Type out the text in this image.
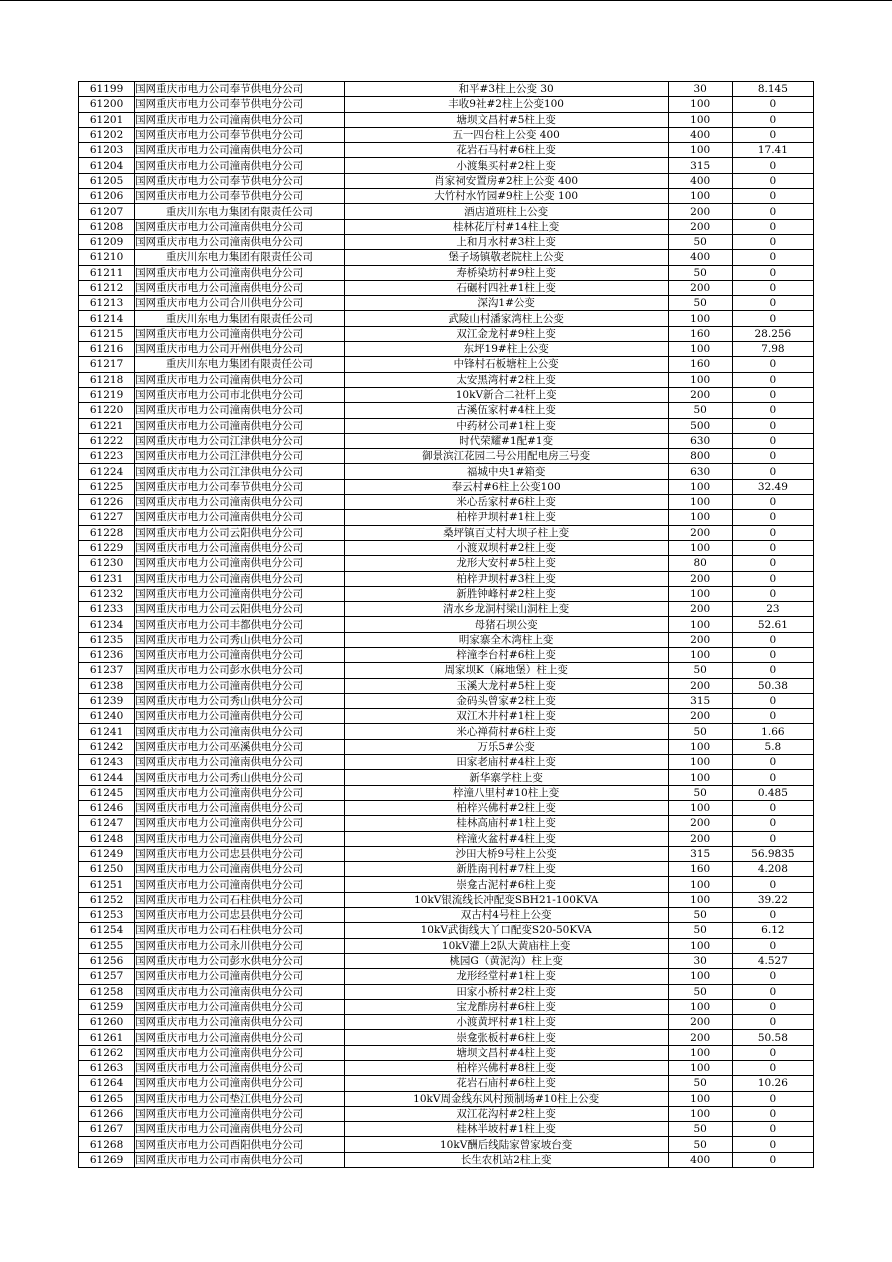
61199	国网重庆市电力公司奉节供电分公司	和平#3柱上公变 30	30	8.145
61200	国网重庆市电力公司奉节供电分公司	丰收9社#2柱上公变100	100	0
61201	国网重庆市电力公司潼南供电分公司	塘坝文昌村#5柱上变	100	0
61202	国网重庆市电力公司奉节供电分公司	五一四台柱上公变 400	400	0
61203	国网重庆市电力公司潼南供电分公司	花岩石马村#6柱上变	100	17.41
61204	国网重庆市电力公司潼南供电分公司	小渡集买村#2柱上变	315	0
61205	国网重庆市电力公司奉节供电分公司	肖家祠安置房#2柱上公变 400	400	0
61206	国网重庆市电力公司奉节供电分公司	大竹村水竹园#9柱上公变 100	100	0
61207	重庆川东电力集团有限责任公司	酒店道班柱上公变	200	0
61208	国网重庆市电力公司潼南供电分公司	桂林花厅村#14柱上变	200	0
61209	国网重庆市电力公司潼南供电分公司	上和月水村#3柱上变	50	0
61210	重庆川东电力集团有限责任公司	堡子场镇敬老院柱上公变	400	0
61211	国网重庆市电力公司潼南供电分公司	寿桥染坊村#9柱上变	50	0
61212	国网重庆市电力公司潼南供电分公司	石碾村四社#1柱上变	200	0
61213	国网重庆市电力公司合川供电分公司	深沟1#公变	50	0
61214	重庆川东电力集团有限责任公司	武陵山村潘家湾柱上公变	100	0
61215	国网重庆市电力公司潼南供电分公司	双江金龙村#9柱上变	160	28.256
61216	国网重庆市电力公司开州供电分公司	东坪19#柱上公变	100	7.98
61217	重庆川东电力集团有限责任公司	中锋村石板塘柱上公变	160	0
61218	国网重庆市电力公司潼南供电分公司	太安黑湾村#2柱上变	100	0
61219	国网重庆市电力公司市北供电分公司	10kV新合二社杆上变	200	0
61220	国网重庆市电力公司潼南供电分公司	古溪伍家村#4柱上变	50	0
61221	国网重庆市电力公司潼南供电分公司	中药材公司#1柱上变	500	0
61222	国网重庆市电力公司江津供电分公司	时代荣耀#1配#1变	630	0
61223	国网重庆市电力公司江津供电分公司	御景滨江花园二号公用配电房三号变	800	0
61224	国网重庆市电力公司江津供电分公司	福城中央1#箱变	630	0
61225	国网重庆市电力公司奉节供电分公司	奉云村#6柱上公变100	100	32.49
61226	国网重庆市电力公司潼南供电分公司	米心岳家村#6柱上变	100	0
61227	国网重庆市电力公司潼南供电分公司	柏梓尹坝村#1柱上变	100	0
61228	国网重庆市电力公司云阳供电分公司	桑坪镇百丈村大坝子柱上变	200	0
61229	国网重庆市电力公司潼南供电分公司	小渡双坝村#2柱上变	100	0
61230	国网重庆市电力公司潼南供电分公司	龙形大安村#5柱上变	80	0
61231	国网重庆市电力公司潼南供电分公司	柏梓尹坝村#3柱上变	200	0
61232	国网重庆市电力公司潼南供电分公司	新胜钟峰村#2柱上变	100	0
61233	国网重庆市电力公司云阳供电分公司	清水乡龙洞村梁山洞柱上变	200	23
61234	国网重庆市电力公司丰都供电分公司	母猪石坝公变	100	52.61
61235	国网重庆市电力公司秀山供电分公司	明家寨全木湾柱上变	200	0
61236	国网重庆市电力公司潼南供电分公司	梓潼李台村#6柱上变	100	0
61237	国网重庆市电力公司彭水供电分公司	周家坝K（麻地堡）柱上变	50	0
61238	国网重庆市电力公司潼南供电分公司	玉溪大龙村#5柱上变	200	50.38
61239	国网重庆市电力公司秀山供电分公司	金码头曾家#2柱上变	315	0
61240	国网重庆市电力公司潼南供电分公司	双江木井村#1柱上变	200	0
61241	国网重庆市电力公司潼南供电分公司	米心禅荷村#6柱上变	50	1.66
61242	国网重庆市电力公司巫溪供电分公司	万乐5#公变	100	5.8
61243	国网重庆市电力公司潼南供电分公司	田家老庙村#4柱上变	100	0
61244	国网重庆市电力公司秀山供电分公司	新华寨学柱上变	100	0
61245	国网重庆市电力公司潼南供电分公司	梓潼八里村#10柱上变	50	0.485
61246	国网重庆市电力公司潼南供电分公司	柏梓兴佛村#2柱上变	100	0
61247	国网重庆市电力公司潼南供电分公司	桂林高庙村#1柱上变	200	0
61248	国网重庆市电力公司潼南供电分公司	梓潼火盆村#4柱上变	200	0
61249	国网重庆市电力公司忠县供电分公司	沙田大桥9号柱上公变	315	56.9835
61250	国网重庆市电力公司潼南供电分公司	新胜南刊村#7柱上变	160	4.208
61251	国网重庆市电力公司潼南供电分公司	崇龛古泥村#6柱上变	100	0
61252	国网重庆市电力公司石柱供电分公司	10kV银流线长冲配变SBH21-100KVA	100	39.22
61253	国网重庆市电力公司忠县供电分公司	双古村4号柱上公变	50	0
61254	国网重庆市电力公司石柱供电分公司	10kV武街线大丫口配变S20-50KVA	50	6.12
61255	国网重庆市电力公司永川供电分公司	10kV灌上2队大黄庙柱上变	100	0
61256	国网重庆市电力公司彭水供电分公司	桃园G（黄泥沟）柱上变	30	4.527
61257	国网重庆市电力公司潼南供电分公司	龙形经堂村#1柱上变	100	0
61258	国网重庆市电力公司潼南供电分公司	田家小桥村#2柱上变	50	0
61259	国网重庆市电力公司潼南供电分公司	宝龙酢房村#6柱上变	100	0
61260	国网重庆市电力公司潼南供电分公司	小渡黄坪村#1柱上变	200	0
61261	国网重庆市电力公司潼南供电分公司	崇龛张板村#6柱上变	200	50.58
61262	国网重庆市电力公司潼南供电分公司	塘坝文昌村#4柱上变	100	0
61263	国网重庆市电力公司潼南供电分公司	柏梓兴佛村#8柱上变	100	0
61264	国网重庆市电力公司潼南供电分公司	花岩石庙村#6柱上变	50	10.26
61265	国网重庆市电力公司垫江供电分公司	10kV周金线东风村预制场#10柱上公变	100	0
61266	国网重庆市电力公司潼南供电分公司	双江花沟村#2柱上变	100	0
61267	国网重庆市电力公司潼南供电分公司	桂林半坡村#1柱上变	50	0
61268	国网重庆市电力公司酉阳供电分公司	10kV酬后线陆家曾家坡台变	50	0
61269	国网重庆市电力公司市南供电分公司	长生农机站2柱上变	400	0
